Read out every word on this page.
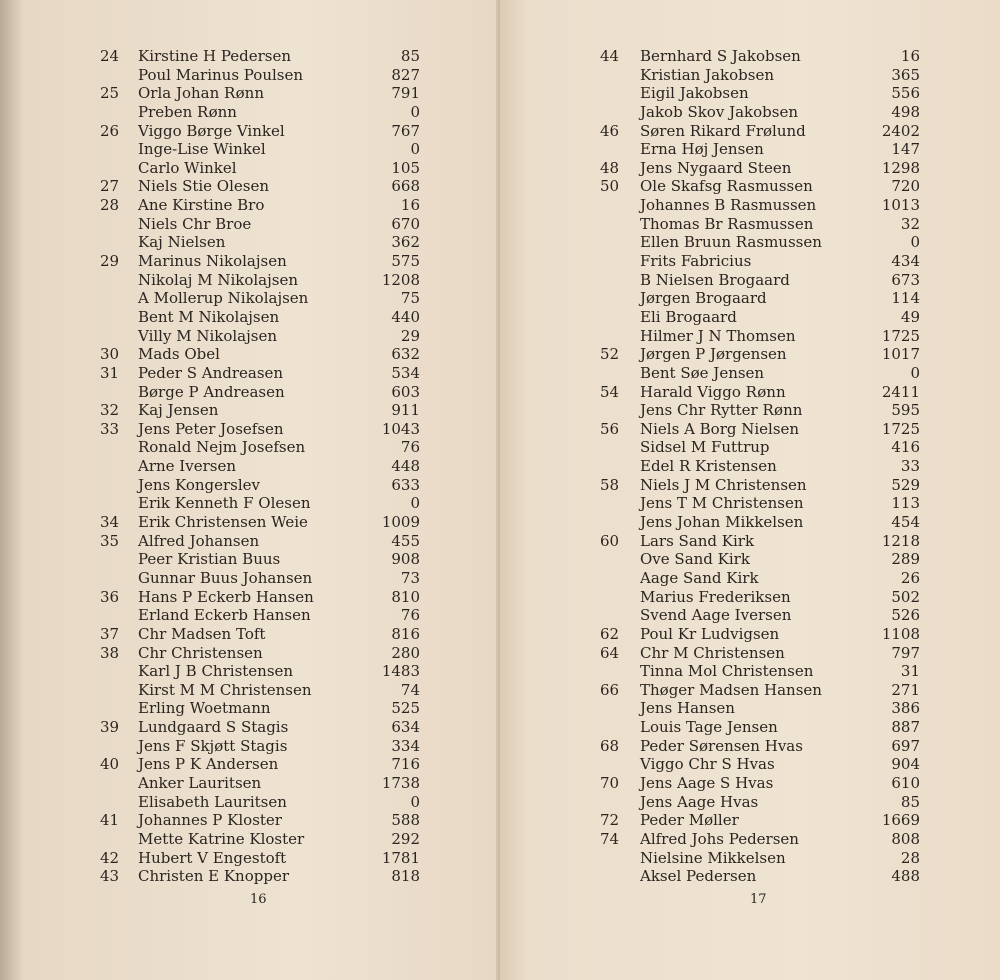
24	Kirstine H Pedersen	85
Poul Marinus Poulsen	827
25	Orla Johan Rønn	791
Preben Rønn	0
26	Viggo Børge Vinkel	767
Inge-Lise Winkel	0
Carlo Winkel	105
27	Niels Stie Olesen	668
28	Ane Kirstine Bro	16
Niels Chr Broe	670
Kaj Nielsen	362
29	Marinus Nikolajsen	575
Nikolaj M Nikolajsen	1208
A Mollerup Nikolajsen	75
Bent M Nikolajsen	440
Villy M Nikolajsen	29
30	Mads Obel	632
31	Peder S Andreasen	534
Børge P Andreasen	603
32	Kaj Jensen	911
33	Jens Peter Josefsen	1043
Ronald Nejm Josefsen	76
Arne Iversen	448
Jens Kongerslev	633
Erik Kenneth F Olesen	0
34	Erik Christensen Weie	1009
35	Alfred Johansen	455
Peer Kristian Buus	908
Gunnar Buus Johansen	73
36	Hans P Eckerb Hansen	810
Erland Eckerb Hansen	76
37	Chr Madsen Toft	816
38	Chr Christensen	280
Karl J B Christensen	1483
Kirst M M Christensen	74
Erling Woetmann	525
39	Lundgaard S Stagis	634
Jens F Skjøtt Stagis	334
40	Jens P K Andersen	716
Anker Lauritsen	1738
Elisabeth Lauritsen	0
41	Johannes P Kloster	588
Mette Katrine Kloster	292
42	Hubert V Engestoft	1781
43	Christen E Knopper	818
16
44	Bernhard S Jakobsen	16
Kristian Jakobsen	365
Eigil Jakobsen	556
Jakob Skov Jakobsen	498
46	Søren Rikard Frølund	2402
Erna Høj Jensen	147
48	Jens Nygaard Steen	1298
50	Ole Skafsg Rasmussen	720
Johannes B Rasmussen	1013
Thomas Br Rasmussen	32
Ellen Bruun Rasmussen	0
Frits Fabricius	434
B Nielsen Brogaard	673
Jørgen Brogaard	114
Eli Brogaard	49
Hilmer J N Thomsen	1725
52	Jørgen P Jørgensen	1017
Bent Søe Jensen	0
54	Harald Viggo Rønn	2411
Jens Chr Rytter Rønn	595
56	Niels A Borg Nielsen	1725
Sidsel M Futtrup	416
Edel R Kristensen	33
58	Niels J M Christensen	529
Jens T M Christensen	113
Jens Johan Mikkelsen	454
60	Lars Sand Kirk	1218
Ove Sand Kirk	289
Aage Sand Kirk	26
Marius Frederiksen	502
Svend Aage Iversen	526
62	Poul Kr Ludvigsen	1108
64	Chr M Christensen	797
Tinna Mol Christensen	31
66	Thøger Madsen Hansen	271
Jens Hansen	386
Louis Tage Jensen	887
68	Peder Sørensen Hvas	697
Viggo Chr S Hvas	904
70	Jens Aage S Hvas	610
Jens Aage Hvas	85
72	Peder Møller	1669
74	Alfred Johs Pedersen	808
Nielsine Mikkelsen	28
Aksel Pedersen	488
17
